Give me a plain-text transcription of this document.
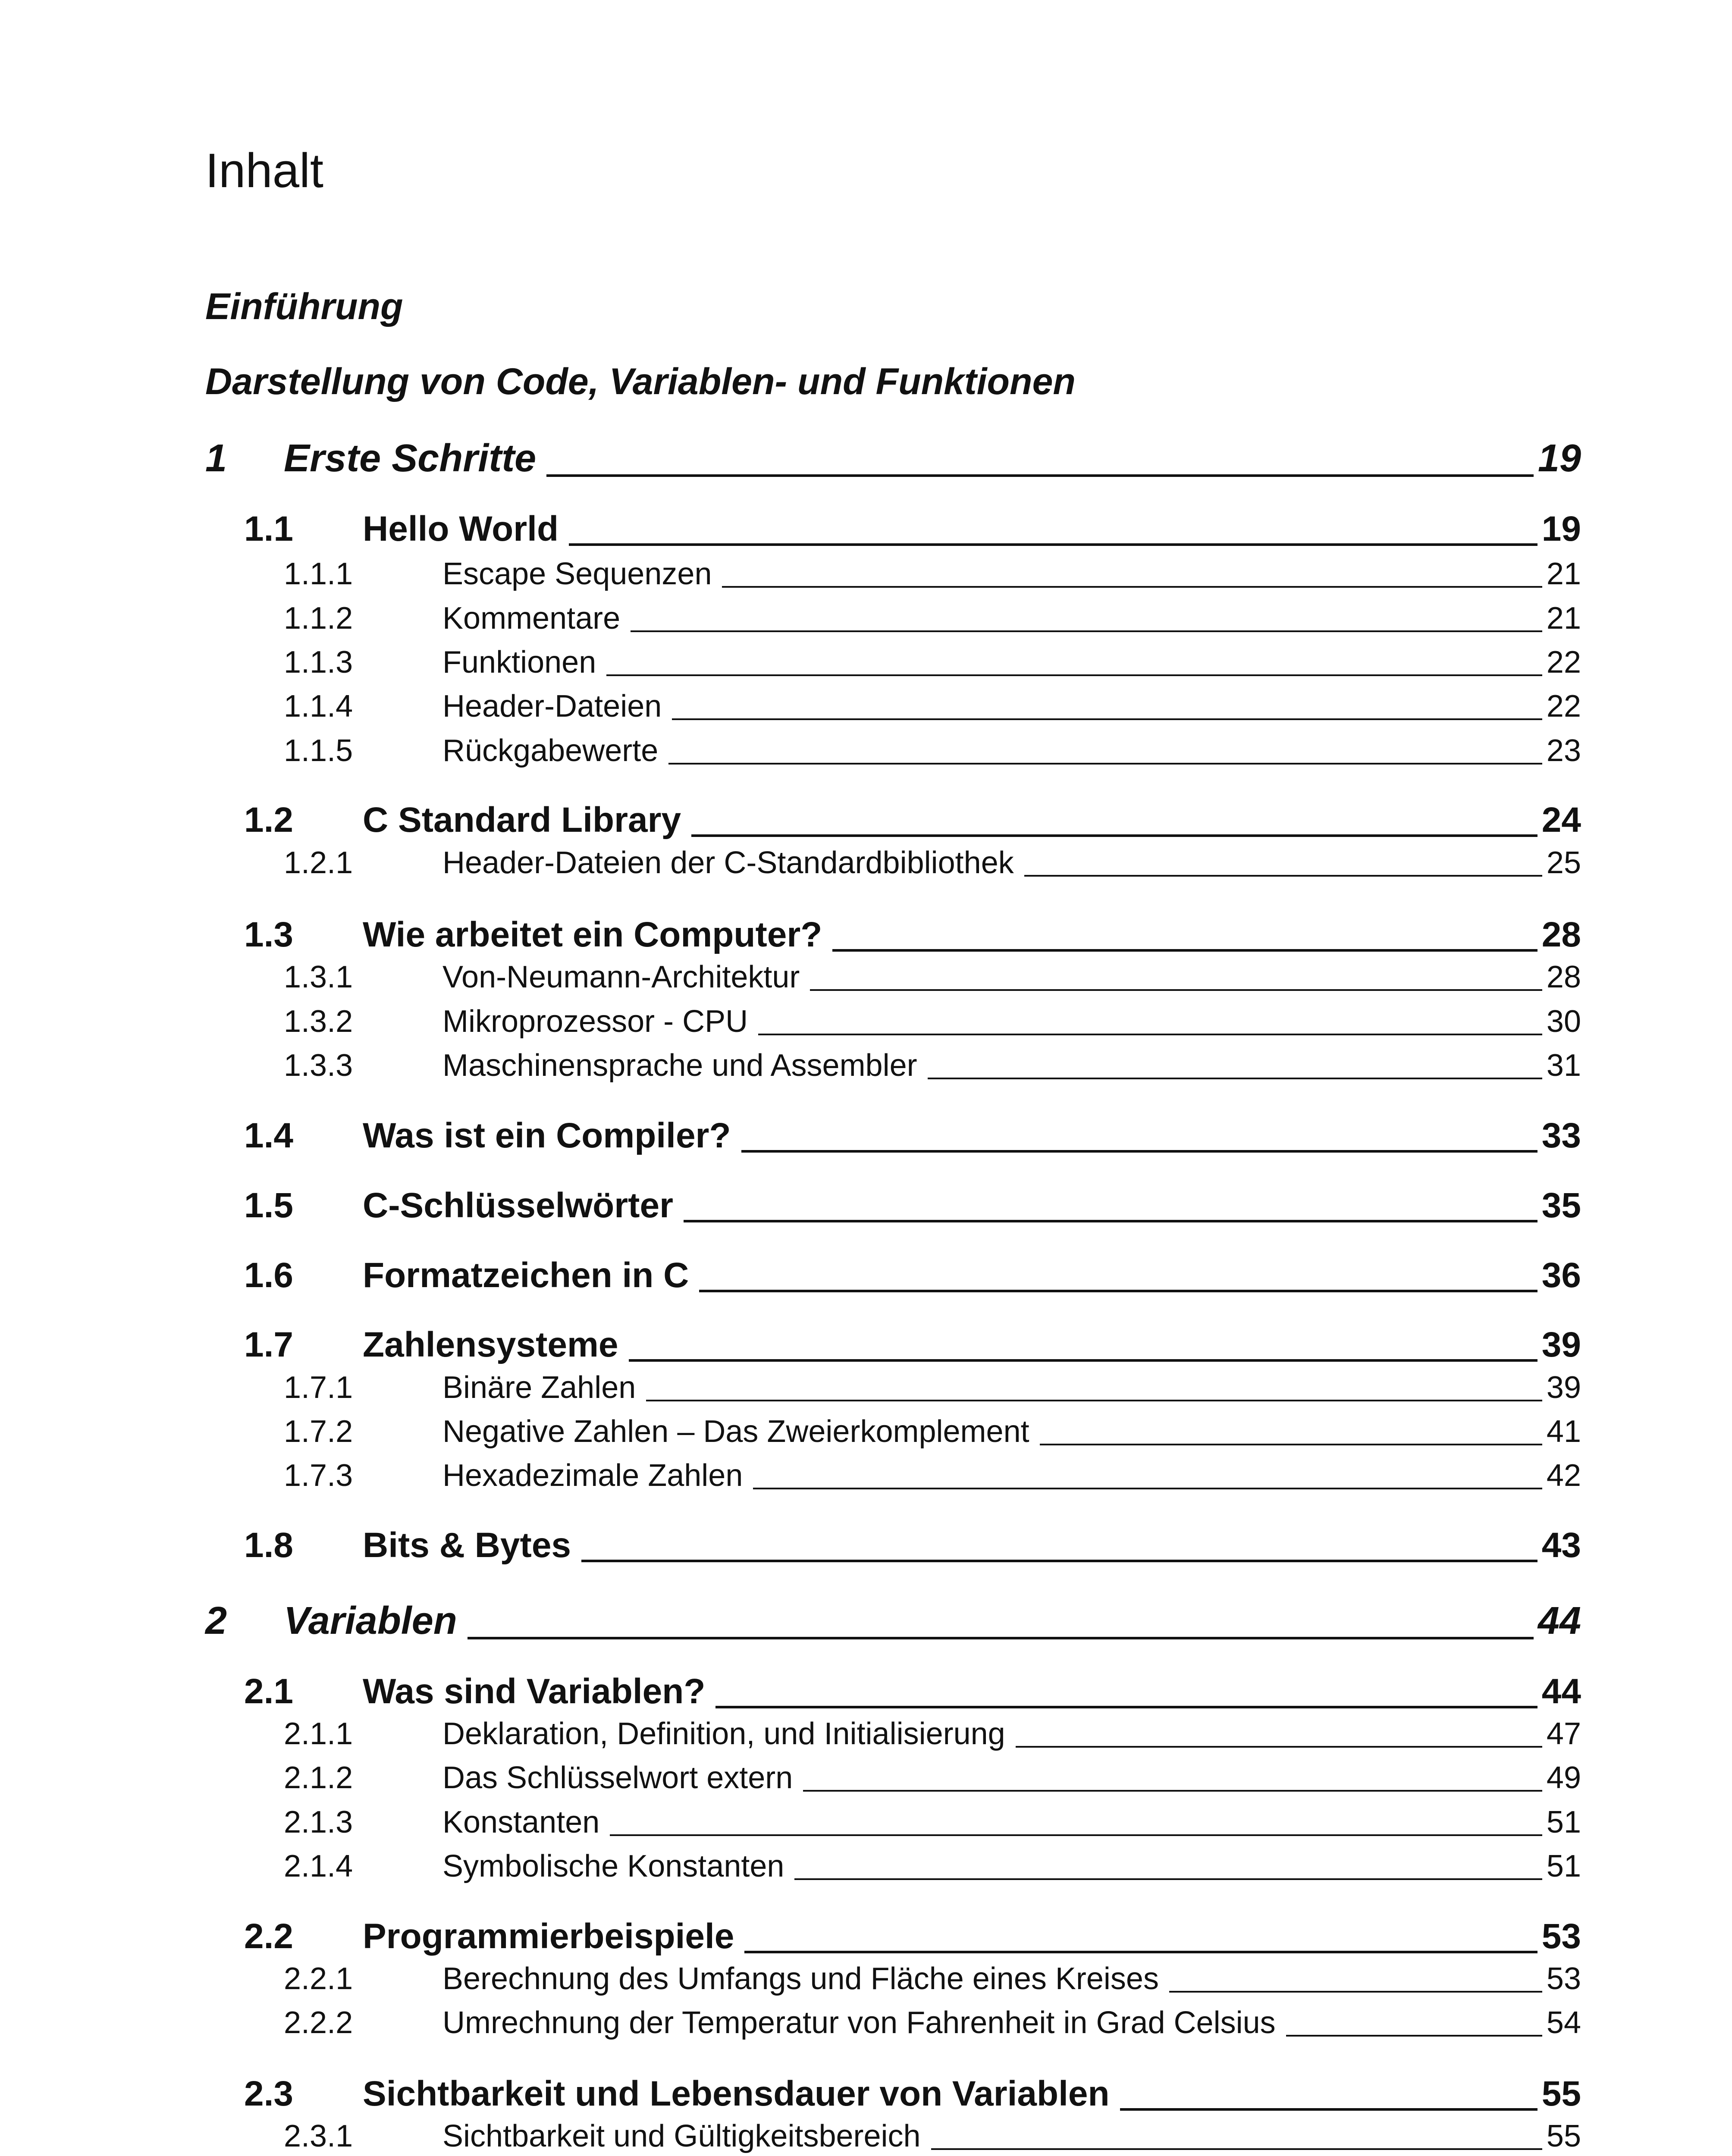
Inhalt
Einführung
Darstellung von Code, Variablen- und Funktionen
1	Erste Schritte	19
1.1	Hello World	19
1.1.1	Escape Sequenzen	21
1.1.2	Kommentare	21
1.1.3	Funktionen	22
1.1.4	Header-Dateien	22
1.1.5	Rückgabewerte	23
1.2	C Standard Library	24
1.2.1	Header-Dateien der C-Standardbibliothek	25
1.3	Wie arbeitet ein Computer?	28
1.3.1	Von-Neumann-Architektur	28
1.3.2	Mikroprozessor - CPU	30
1.3.3	Maschinensprache und Assembler	31
1.4	Was ist ein Compiler?	33
1.5	C-Schlüsselwörter	35
1.6	Formatzeichen in C	36
1.7	Zahlensysteme	39
1.7.1	Binäre Zahlen	39
1.7.2	Negative Zahlen – Das Zweierkomplement	41
1.7.3	Hexadezimale Zahlen	42
1.8	Bits & Bytes	43
2	Variablen	44
2.1	Was sind Variablen?	44
2.1.1	Deklaration, Definition, und Initialisierung	47
2.1.2	Das Schlüsselwort extern	49
2.1.3	Konstanten	51
2.1.4	Symbolische Konstanten	51
2.2	Programmierbeispiele	53
2.2.1	Berechnung des Umfangs und Fläche eines Kreises	53
2.2.2	Umrechnung der Temperatur von Fahrenheit in Grad Celsius	54
2.3	Sichtbarkeit und Lebensdauer von Variablen	55
2.3.1	Sichtbarkeit und Gültigkeitsbereich	55
